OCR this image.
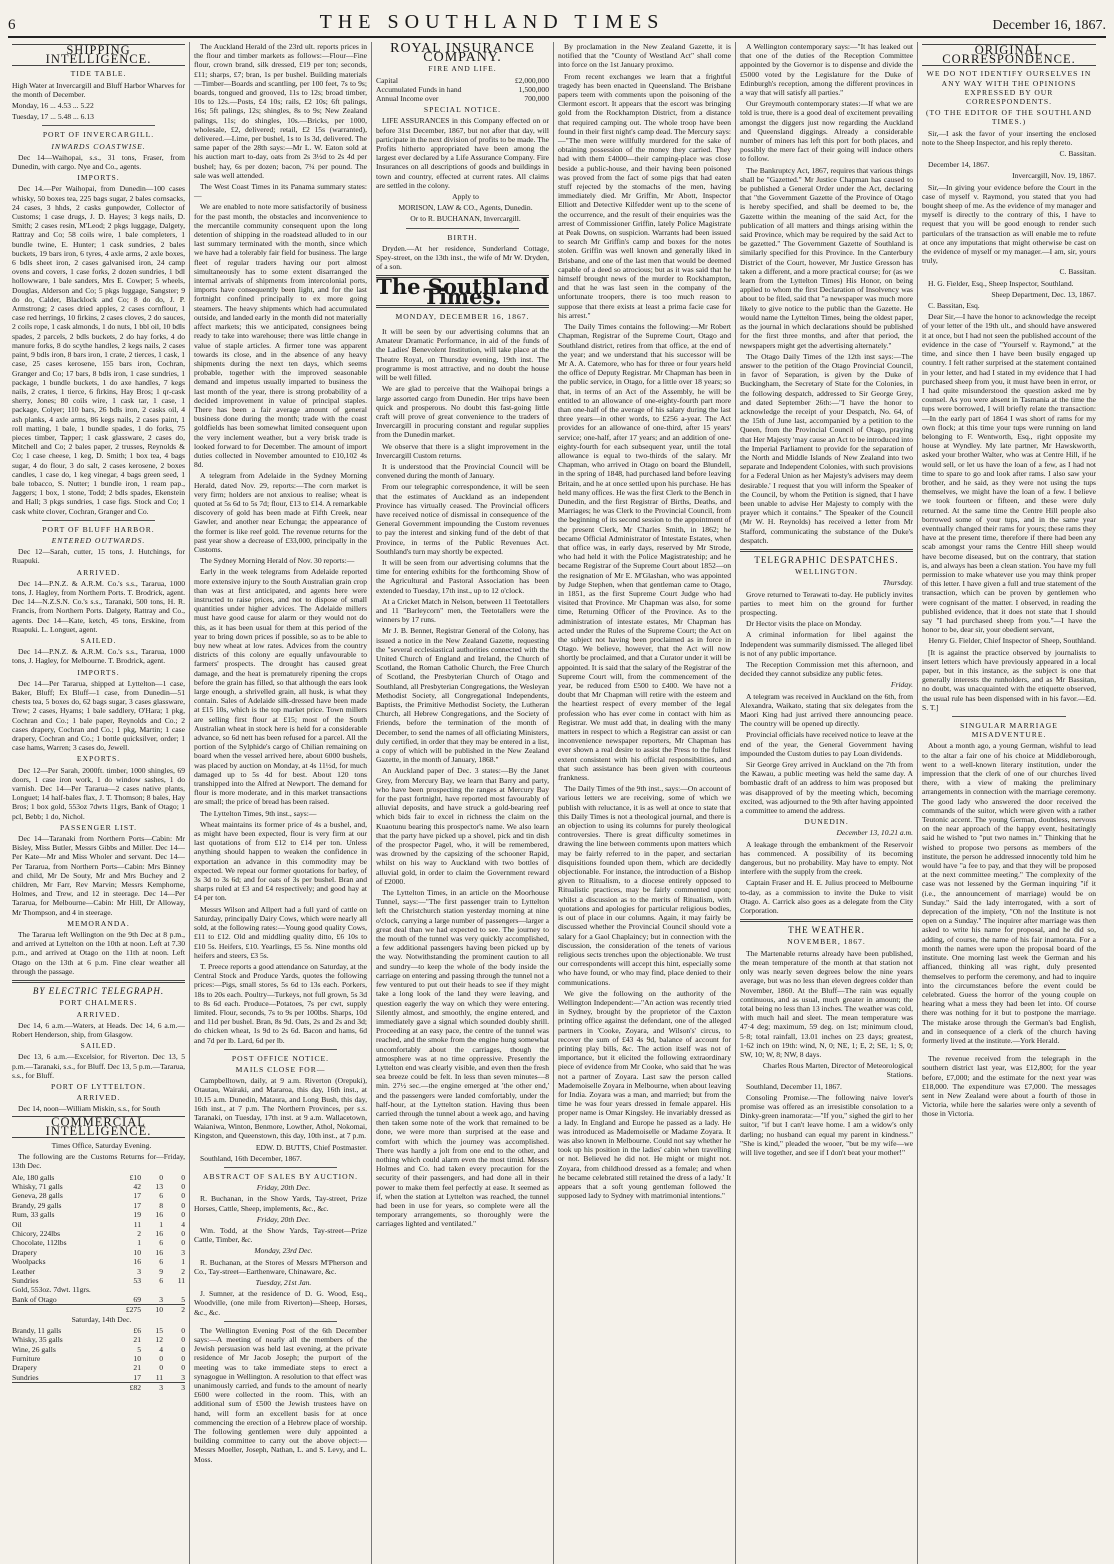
6	THE SOUTHLAND TIMES	December 16, 1867.
SHIPPING INTELLIGENCE.
TIDE TABLE.

High Water at Invercargill and Bluff Harbor Wharves for the month of December.

Monday, 16 ... 4.53 ... 5.22

Tuesday, 17 ... 5.48 ... 6.13

PORT OF INVERCARGILL.
INWARDS COASTWISE.

Dec 14—Waihopai, s.s., 31 tons, Fraser, from Dunedin, with cargo. Nye and Co., agents.

IMPORTS.

Dec 14.—Per Waihopai, from Dunedin—100 cases whisky, 50 boxes tea, 225 bags sugar, 2 bales cornsacks, 24 cases, 3 hhds, 2 casks gunpowder, Collector of Customs; 1 case drugs, J. D. Hayes; 3 kegs nails, D. Smith; 2 cases resin, M'Leod; 2 pkgs luggage, Dalgety, Rattray and Co; 58 coils wire, 1 bale completers, 1 bundle twine, E. Hunter; 1 cask sundries, 2 bales buckets, 19 bars iron, 6 tyres, 4 axle arms, 2 axle boxes, 6 bdls sheet iron, 2 cases galvanised iron, 24 camp ovens and covers, 1 case forks, 2 dozen sundries, 1 bdl hollowware, 1 bale sanders, Mrs E. Cowper; 5 wheels, Douglas, Alderson and Co; 5 pkgs luggage, Sangster; 9 do do, Calder, Blacklock and Co; 8 do do, J. P. Armstrong; 2 cases dried apples, 2 cases cornflour, 1 case red herrings, 10 firkins, 2 cases cloves, 2 do sauces, 2 coils rope, 1 cask almonds, 1 do nuts, 1 bbl oil, 10 bdls spades, 2 parcels, 2 bdls buckets, 2 do hay forks, 4 do manure forks, 8 do scythe handles, 2 kegs nails, 2 cases paint, 9 bdls iron, 8 bars iron, 1 crate, 2 tierces, 1 cask, 1 case, 25 cases kerosene, 155 bars iron, Cochran, Granger and Co; 17 bars, 8 bdls iron, 1 case sundries, 1 package, 1 bundle buckets, 1 do axe handles, 7 kegs nails, 2 crates, 1 tierce, 6 firkins, Hay Bros; 1 qr-cask sherry, Jones; 80 coils wire, 1 cask tar, 1 case, 1 package, Colyer; 110 bars, 26 bdls iron, 2 casks oil, 4 ash planks, 4 axle arms, 86 kegs nails, 2 cases paint, 1 roll matting, 1 bale, 1 bundle spades, 1 do forks, 75 pieces timber, Tapper; 1 cask glassware, 2 cases do, Mitchell and Co; 2 bales paper, 2 trusses, Reynolds & Co; 1 case cheese, 1 keg, D. Smith; 1 box tea, 4 bags sugar, 4 do flour, 3 do salt, 2 cases kerosene, 2 boxes candles, 1 case do, 1 keg vinegar, 4 bags green seed, 1 bale tobacco, S. Nutter; 1 bundle iron, 1 ream pap., Jaggers; 1 box, 1 stone, Todd; 2 bdls spades, Ekenstein and Hall; 3 pkgs sundries, 1 case figs. Stock and Co; 1 cask white clover, Cochran, Granger and Co.

PORT OF BLUFF HARBOR.
ENTERED OUTWARDS.

Dec 12—Sarah, cutter, 15 tons, J. Hutchings, for Ruapuki.

ARRIVED.

Dec 14—P.N.Z. & A.R.M. Co.'s s.s., Tararua, 1000 tons, J. Hagley, from Northern Ports. T. Brodrick, agent. Dec 14—N.Z.S.N. Co.'s s.s., Taranaki, 500 tons, H. R. Francis, from Northern Ports. Dalgety, Rattray and Co., agents. Dec 14—Kate, ketch, 45 tons, Erskine, from Ruapuki. L. Longuet, agent.

SAILED.

Dec 14—P.N.Z. & A.R.M. Co.'s s.s., Tararua, 1000 tons, J. Hagley, for Melbourne. T. Brodrick, agent.

IMPORTS.

Dec 14—Per Tararua, shipped at Lyttelton—1 case, Baker, Bluff; Ex Bluff—1 case, from Dunedin—51 chests tea, 5 boxes do, 62 bags sugar, 3 cases glassware, Trew; 2 cases, Hyams; 1 bale saddlery, O'Hara; 1 pkg, Cochran and Co.; 1 bale paper, Reynolds and Co.; 2 cases drapery, Cochran and Co.; 1 pkg, Martin; 1 case drapery, Cochran and Co.; 1 bottle quicksilver, order; 1 case hams, Warren; 3 cases do, Jewell.

EXPORTS.

Dec 12—Per Sarah, 2000ft. timber, 1000 shingles, 69 doors, 1 case iron work, 1 do window sashes, 1 do varnish. Dec 14—Per Tararua—2 cases native plants, Longuet; 14 half-bales flax, J. T. Thomson; 8 bales, Hay Bros; 1 box gold, 553oz 7dwts 11grs, Bank of Otago; 1 pcl, Bebb; 1 do, Nichol.

PASSENGER LIST.

Dec 14—Taranaki from Northern Ports—Cabin: Mr Bisley, Miss Butler, Messrs Gibbs and Miller. Dec 14—Per Kate—Mr and Miss Wholer and servant. Dec 14—Per Tararua, from Northern Ports—Cabin: Mrs Binney and child, Mr De Souty, Mr and Mrs Buchey and 2 children, Mr Farr, Rev Marvin; Messrs Kemphorne, Holmes, and Trew, and 12 in steerage. Dec 14—Per Tararua, for Melbourne—Cabin: Mr Hill, Dr Alloway, Mr Thompson, and 4 in steerage.

MEMORANDA.

The Tararua left Wellington on the 9th Dec at 8 p.m., and arrived at Lyttelton on the 10th at noon. Left at 7.30 p.m., and arrived at Otago on the 11th at noon. Left Otago on the 13th at 6 p.m. Fine clear weather all through the passage.

BY ELECTRIC TELEGRAPH.
PORT CHALMERS.
ARRIVED.

Dec 14, 6 a.m.—Waters, at Heads. Dec 14, 6 a.m.—Robert Henderson, ship, from Glasgow.

SAILED.

Dec 13, 6 a.m.—Excelsior, for Riverton. Dec 13, 5 p.m.—Taranaki, s.s., for Bluff. Dec 13, 5 p.m.—Tararua, s.s., for Bluff.

PORT OF LYTTELTON.
ARRIVED.

Dec 14, noon—William Miskin, s.s., for South

COMMERCIAL INTELLIGENCE.

Times Office, Saturday Evening.

The following are the Customs Returns for—Friday, 13th Dec.

Ale, 180 galls	£10	0	0
Whisky, 71 galls	42	13	0
Geneva, 28 galls	17	6	0
Brandy, 29 galls	17	8	0
Rum, 33 galls	19	16	0
Oil	11	1	4
Chicory, 224lbs	2	16	0
Chocolate, 112lbs	1	6	0
Drapery	10	16	3
Woolpacks	16	6	1
Leather	3	9	2
Sundries	53	6	11
Gold, 553oz. 7dwt. 11grs.			
Bank of Otago	69	3	5
	£275	10	2

Saturday, 14th Dec.

Brandy, 11 galls	£6	15	0
Whisky, 35 galls	21	12	0
Wine, 26 galls	5	4	0
Furniture	10	0	0
Drapery	21	0	0
Sundries	17	11	3
	£82	3	3

The Auckland Herald of the 23rd ult. reports prices in the flour and timber markets as follows:—Flour—Fine flour, crown brand, silk dressed, £19 per ton; seconds, £11; sharps, £7; bran, 1s per bushel. Building materials—Timber—Boards and scantling, per 100 feet, 7s to 9s; boards, tongued and grooved, 11s to 12s; broad timber, 10s to 12s.—Posts, £4 10s; rails, £2 10s; 6ft palings, 16s; 5ft palings, 12s; shingles, 8s to 9s; New Zealand palings, 11s; do shingles, 10s.—Bricks, per 1000, wholesale, £2, delivered; retail, £2 15s (warranted), delivered.—Lime, per bushel, 1s to 1s 3d, delivered. The same paper of the 28th says:—Mr L. W. Eaton sold at his auction mart to-day, oats from 2s 3½d to 2s 4d per bushel; hay, 6s per dozen; bacon, 7¼ per pound. The sale was well attended.

The West Coast Times in its Panama summary states:—

We are enabled to note more satisfactorily of business for the past month, the obstacles and inconvenience to the mercantile community consequent upon the long detention of shipping in the roadstead alluded to in our last summary terminated with the month, since which we have had a tolerably fair field for business. The large fleet of regular traders having our port almost simultaneously has to some extent disarranged the internal arrivals of shipments from intercolonial ports, imports have consequently been light, and for the last fortnight confined principally to ex more going steamers. The heavy shipments which had accumulated outside, and landed early in the month did not materially affect markets; this we anticipated, consignees being ready to take into warehouse; there was little change in value of staple articles. A firmer tone was apparent towards its close, and in the absence of any heavy shipments during the next ten days, which seems probable, together with the improved seasonable demand and impetus usually imparted to business the last month of the year, there is strong probability of a decided improvement in value of principal staples. There has been a fair average amount of general business done during the month; trade with the coast goldfields has been somewhat limited consequent upon the very inclement weather, but a very brisk trade is looked forward to for December. The amount of import duties collected in November amounted to £10,102 4s 8d.

A telegram from Adelaide in the Sydney Morning Herald, dated Nov. 29, reports:—The corn market is very firm; holders are not anxious to realise; wheat is quoted at 5s 6d to 5s 7d; flour, £13 to £14. A remarkable discovery of gold has been made at Fifth Creek, near Gawler, and another near Echunga; the appearance of the former is like reef gold. The revenue returns for the past year show a decrease of £33,000, principally in the Customs.

The Sydney Morning Herald of Nov. 30 reports:—

Early in the week telegrams from Adelaide reported more extensive injury to the South Australian grain crop than was at first anticipated, and agents here were instructed to raise prices, and not to dispose of small quantities under higher advices. The Adelaide millers must have good cause for alarm or they would not do this, as it has been usual for them at this period of the year to bring down prices if possible, so as to be able to buy new wheat at low rates. Advices from the country districts of this colony are equally unfavourable to farmers' prospects. The drought has caused great damage, and the heat is prematurely ripening the crops before the grain has filled, so that although the ears look large enough, a shrivelled grain, all husk, is what they contain. Sales of Adelaide silk-dressed have been made at £15 10s, which is the top market price. Town millers are selling first flour at £15; most of the South Australian wheat in stock here is held for a considerable advance, so 6d nett has been refused for a parcel. All the portion of the Sylphide's cargo of Chilian remaining on board when the vessel arrived here, about 6000 bushels, was placed by auction on Monday, at 4s 11½d, for much damaged up to 5s 4d for best. About 120 tons transhipped into the Alfred at Newport. The demand for flour is more moderate, and in this market transactions are small; the price of bread has been raised.

The Lyttelton Times, 9th inst., says:—

Wheat maintains its former price of 4s a bushel, and, as might have been expected, flour is very firm at our last quotations of from £12 to £14 per ton. Unless anything should happen to weaken the confidence in exportation an advance in this commodity may be expected. We repeat our former quotations for barley, of 3s 3d to 3s 6d; and for oats of 3s per bushel. Bran and sharps ruled at £3 and £4 respectively; and good hay at £4 per ton.

Messrs Wilson and Allpert had a full yard of cattle on Saturday, principally Dairy Cows, which were nearly all sold, at the following rates:—Young good quality Cows, £11 to £12. Old and middling quality ditto, £6 10s to £10 5s. Heifers, £10. Yearlings, £5 5s. Nine months old heifers and steers, £3 5s.

T. Preece reports a good attendance on Saturday, at the Central Stock and Produce Yards, quotes the following prices:—Pigs, small stores, 5s 6d to 13s each. Porkers, 18s to 20s each. Poultry—Turkeys, not full grown, 5s 3d to 8s 6d each. Produce—Potatoes, 7s per cwt, supply limited. Flour, seconds, 7s to 9s per 100lbs. Sharps, 10d and 11d per bushel. Bran, 8s 9d. Oats, 2s and 2s and 3d; do chicken wheat, 1s 9d to 2s 6d. Bacon and hams, 6d and 7d per lb. Lard, 6d per lb.

POST OFFICE NOTICE.
MAILS CLOSE FOR—

Campbelltown, daily, at 9 a.m. Riverton (Orepuki), Otautau, Wairaki, and Mararoa, this day, 16th inst., at 10.15 a.m. Dunedin, Mataura, and Long Bush, this day, 16th inst., at 7 p.m. The Northern Provinces, per s.s. Taranaki, on Tuesday, 17th inst. at 9 a.m. Wallacetown, Waianiwa, Winton, Benmore, Lowther, Athol, Nokomai, Kingston, and Queenstown, this day, 10th inst., at 7 p.m.

EDW. D. BUTTS, Chief Postmaster.

Southland, 16th December, 1867.

ABSTRACT OF SALES BY AUCTION.

Friday, 20th Dec.

R. Buchanan, in the Show Yards, Tay-street, Prize Horses, Cattle, Sheep, implements, &c., &c.

Friday, 20th Dec.

Wm. Todd, at the Show Yards, Tay-street—Prize Cattle, Timber, &c.

Monday, 23rd Dec.

R. Buchanan, at the Stores of Messrs M'Pherson and Co., Tay-street—Earthenware, Chinaware, &c.

Tuesday, 21st Jan.

J. Sumner, at the residence of D. G. Wood, Esq., Woodville, (one mile from Riverton)—Sheep, Horses, &c., &c.

The Wellington Evening Post of the 6th December says:—A meeting of nearly all the members of the Jewish persuasion was held last evening, at the private residence of Mr Jacob Joseph; the purport of the meeting was to take immediate steps to erect a synagogue in Wellington. A resolution to that effect was unanimously carried, and funds to the amount of nearly £600 were collected in the room. This, with an additional sum of £500 the Jewish trustees have on hand, will form an excellent basis for at once commencing the erection of a Hebrew place of worship. The following gentlemen were duly appointed a building committee to carry out the above object:—Messrs Moeller, Joseph, Nathan, L. and S. Levy, and L. Moss.

ROYAL INSURANCE COMPANY.
FIRE AND LIFE.
Capital	£2,000,000
Accumulated Funds in hand	1,500,000
Annual Income over	700,000
SPECIAL NOTICE.

LIFE ASSURANCES in this Company effected on or before 31st December, 1867, but not after that day, will participate in the next division of profits to be made. The Profits hitherto appropriated have been among the largest ever declared by a Life Assurance Company. Fire Insurances on all descriptions of goods and buildings in town and country, effected at current rates. All claims are settled in the colony.

Apply to

MORISON, LAW & CO., Agents, Dunedin.

Or to R. BUCHANAN, Invercargill.

BIRTH.

Dryden.—At her residence, Sunderland Cottage, Spey-street, on the 13th inst., the wife of Mr W. Dryden, of a son.

The Southland Times.
MONDAY, DECEMBER 16, 1867.

It will be seen by our advertising columns that an Amateur Dramatic Performance, in aid of the funds of the Ladies' Benevolent Institution, will take place at the Theatre Royal, on Thursday evening, 19th inst. The programme is most attractive, and no doubt the house will be well filled.

We are glad to perceive that the Waihopai brings a large assorted cargo from Dunedin. Her trips have been quick and prosperous. No doubt this fast-going little craft will prove of great convenience to the traders of Invercargill in procuring constant and regular supplies from the Dunedin market.

We observe that there is a slight improvement in the Invercargill Custom returns.

It is understood that the Provincial Council will be convened during the month of January.

From our telegraphic correspondence, it will be seen that the estimates of Auckland as an independent Province has virtually ceased. The Provincial officers have received notice of dismissal in consequence of the General Government impounding the Custom revenues to pay the interest and sinking fund of the debt of that Province, in terms of the Public Revenues Act. Southland's turn may shortly be expected.

It will be seen from our advertising columns that the time for entering exhibits for the forthcoming Show of the Agricultural and Pastoral Association has been extended to Tuesday, 17th inst., up to 12 o'clock.

At a Cricket Match in Nelson, between 11 Teetotallers and 11 "Barleycorn" men, the Teetotallers were the winners by 17 runs.

Mr J. B. Bennet, Registrar General of the Colony, has issued a notice in the New Zealand Gazette, requesting the "several ecclesiastical authorities connected with the United Church of England and Ireland, the Church of Scotland, the Roman Catholic Church, the Free Church of Scotland, the Presbyterian Church of Otago and Southland, all Presbyterian Congregations, the Wesleyan Methodist Society, all Congregational Independents, Baptists, the Primitive Methodist Society, the Lutheran Church, all Hebrew Congregations, and the Society of Friends, before the termination of the month of December, to send the names of all officiating Ministers, duly certified, in order that they may be entered in a list, a copy of which will be published in the New Zealand Gazette, in the month of January, 1868."

An Auckland paper of Dec. 3 states:—By the Janet Grey, from Mercury Bay, we learn that Barry and party, who have been prospecting the ranges at Mercury Bay for the past fortnight, have reported most favourably of alluvial deposits, and have struck a gold-bearing reef which bids fair to excel in richness the claim on the Kuaotunu bearing this prospector's name. We also learn that the party have picked up a shovel, pick and tin dish of the prospector Pagel, who, it will be remembered, was drowned by the capsizing of the schooner Rapid, whilst on his way to Auckland with two bottles of alluvial gold, in order to claim the Government reward of £2000.

The Lyttelton Times, in an article on the Moorhouse Tunnel, says:—"The first passenger train to Lyttelton left the Christchurch station yesterday morning at nine o'clock, carrying a large number of passengers—larger a great deal than we had expected to see. The journey to the mouth of the tunnel was very quickly accomplished, a few additional passengers having been picked up by the way. Notwithstanding the prominent caution to all and sundry—to keep the whole of the body inside the carriage on entering and passing through the tunnel not a few ventured to put out their heads to see if they might take a long look of the land they were leaving, and question eagerly the way on which they were entering. Silently almost, and smoothly, the engine entered, and immediately gave a signal which sounded doubly shrill. Proceeding at an easy pace, the centre of the tunnel was reached, and the smoke from the engine hung somewhat uncomfortably about the carriages, though the atmosphere was at no time oppressive. Presently the Lyttelton end was clearly visible, and even then the fresh sea breeze could be felt. In less than seven minutes—8 min. 27½ sec.—the engine emerged at 'the other end,' and the passengers were landed comfortably, under the half-hour, at the Lyttelton station. Having thus been carried through the tunnel about a week ago, and having then taken some note of the work that remained to be done, we were more than surprised at the ease and comfort with which the journey was accomplished. There was hardly a jolt from one end to the other, and nothing which could alarm even the most timid. Messrs Holmes and Co. had taken every precaution for the security of their passengers, and had done all in their power to make them feel perfectly at ease. It seemed as if, when the station at Lyttelton was reached, the tunnel had been in use for years, so complete were all the temporary arrangements, so thoroughly were the carriages lighted and ventilated."

By proclamation in the New Zealand Gazette, it is notified that the "County of Westland Act" shall come into force on the 1st January proximo.

From recent exchanges we learn that a frightful tragedy has been enacted in Queensland. The Brisbane papers teem with comments upon the poisoning of the Clermont escort. It appears that the escort was bringing gold from the Rockhampton District, from a distance that required camping out. The whole troop have been found in their first night's camp dead. The Mercury says:—"The men were willfully murdered for the sake of obtaining possession of the money they carried. They had with them £4000—their camping-place was close beside a public-house, and their having been poisoned was proved from the fact of some pigs that had eaten stuff rejected by the stomachs of the men, having immediately died. Mr Griffin, Mr Abott, Inspector Elliott and Detective Kilfedder went up to the scene of the occurrence, and the result of their enquiries was the arrest of Commissioner Griffin, lately Police Magistrate at Peak Downs, on suspicion. Warrants had been issued to search Mr Griffin's camp and boxes for the notes stolen. Griffin was well known and generally liked in Brisbane, and one of the last men that would be deemed capable of a deed so atrocious; but as it was said that he himself brought news of the murder to Rockhampton, and that he was last seen in the company of the unfortunate troopers, there is too much reason to suppose that there exists at least a prima facie case for his arrest."

The Daily Times contains the following:—Mr Robert Chapman, Registrar of the Supreme Court, Otago and Southland district, retires from that office, at the end of the year; and we understand that his successor will be Mr A. A. Catemore, who has for three or four years held the office of Deputy Registrar. Mr Chapman has been in the public service, in Otago, for a little over 18 years; so that, in terms of an Act of the Assembly, he will be entitled to an allowance of one-eighty-fourth part more than one-half of the average of his salary during the last three years—in other words, to £256 a-year. The Act provides for an allowance of one-third, after 15 years' service; one-half, after 17 years; and an addition of one-eighty-fourth for each subsequent year, until the total allowance is equal to two-thirds of the salary. Mr Chapman, who arrived in Otago on board the Blundell, in the spring of 1848, had purchased land before leaving Britain, and he at once settled upon his purchase. He has held many offices. He was the first Clerk to the Bench in Dunedin, and the first Registrar of Births, Deaths, and Marriages; he was Clerk to the Provincial Council, from the beginning of its second session to the appointment of the present Clerk, Mr Charles Smith, in 1862; he became Official Administrator of Intestate Estates, when that office was, in early days, reserved by Mr Strode, who had held it with the Police Magistrateship; and he became Registrar of the Supreme Court about 1852—on the resignation of Mr E. M'Glashan, who was appointed by Judge Stephen, when that gentleman came to Otago, in 1851, as the first Supreme Court Judge who had visited that Province. Mr Chapman was also, for some time, Returning Officer of the Province. As to the administration of intestate estates, Mr Chapman has acted under the Rules of the Supreme Court; the Act on the subject not having been proclaimed as in force in Otago. We believe, however, that the Act will now shortly be proclaimed, and that a Curator under it will be appointed. It is said that the salary of the Registrar of the Supreme Court will, from the commencement of the year, be reduced from £500 to £400. We have not a doubt that Mr Chapman will retire with the esteem and the heartiest respect of every member of the legal profession who has ever come in contact with him as Registrar. We must add that, in dealing with the many matters in respect to which a Registrar can assist or can inconvenience newspaper reporters, Mr Chapman has ever shown a real desire to assist the Press to the fullest extent consistent with his official responsibilities, and that such assistance has been given with courteous frankness.

The Daily Times of the 9th inst., says:—On account of various letters we are receiving, some of which we publish with reluctance, it is as well at once to state that this Daily Times is not a theological journal, and there is an objection to using its columns for purely theological controversies. There is great difficulty sometimes in drawing the line between comments upon matters which may be fairly referred to in the paper, and sectarian disquisitions founded upon them, which are decidedly objectionable. For instance, the introduction of a Bishop given to Ritualism, to a diocese entirely opposed to Ritualistic practices, may be fairly commented upon; whilst a discussion as to the merits of Ritualism, with quotations and apologies for particular religious bodies, is out of place in our columns. Again, it may fairly be discussed whether the Provincial Council should vote a salary for a Gaol Chaplaincy; but in connection with the discussion, the consideration of the tenets of various religious sects trenches upon the objectionable. We trust our correspondents will accept this hint, especially some who have found, or who may find, place denied to their communications.

We give the following on the authority of the Wellington Independent:—"An action was recently tried in Sydney, brought by the proprietor of the Caxton printing office against the defendant, one of the alleged partners in 'Cooke, Zoyara, and Wilson's' circus, to recover the sum of £43 4s 9d, balance of account for printing play bills, &c. The action itself was not of importance, but it elicited the following extraordinary piece of evidence from Mr Cooke, who said that 'he was not a partner of Zoyara. Last saw the person called Mademoiselle Zoyara in Melbourne, when about leaving for India. Zoyara was a man, and married; but from the time he was four years dressed in female apparel. His proper name is Omar Kingsley. He invariably dressed as a lady. In England and Europe he passed as a lady. He was introduced as Mademoiselle or Madame Zoyara. It was also known in Melbourne. Could not say whether he took up his position in the ladies' cabin when travelling or not. Believed he did not. He might or might not. Zoyara, from childhood dressed as a female; and when he became celebrated still retained the dress of a lady.' It appears that a soft young gentleman followed the supposed lady to Sydney with matrimonial intentions."

A Wellington contemporary says:—"It has leaked out that one of the duties of the Reception Committee appointed by the Governor is to dispense and divide the £5000 voted by the Legislature for the Duke of Edinburgh's reception, among the different provinces in a way that will satisfy all parties."

Our Greymouth contemporary states:—If what we are told is true, there is a good deal of excitement prevailing amongst the diggers just now regarding the Auckland and Queensland diggings. Already a considerable number of miners has left this port for both places, and possibly the mere fact of their going will induce others to follow.

The Bankruptcy Act, 1867, requires that various things shall be "Gazetted." Mr Justice Chapman has caused to be published a General Order under the Act, declaring that "the Government Gazette of the Province of Otago is hereby specified, and shall be deemed to be, the Gazette within the meaning of the said Act, for the publication of all matters and things arising within the said Province, which may be required by the said Act to be gazetted." The Government Gazette of Southland is similarly specified for this Province. In the Canterbury District of the Court, however, Mr Justice Gresson has taken a different, and a more practical course; for (as we learn from the Lyttelton Times) His Honor, on being applied to whom the first Declaration of Insolvency was about to be filed, said that "a newspaper was much more likely to give notice to the public than the Gazette. He would name the Lyttelton Times, being the oldest paper, as the journal in which declarations should be published for the first three months, and after that period, the newspapers might get the advertising alternately."

The Otago Daily Times of the 12th inst says:—The answer to the petition of the Otago Provincial Council, in favor of Separation, is given by the Duke of Buckingham, the Secretary of State for the Colonies, in the following despatch, addressed to Sir George Grey, and dated September 26th:—"I have the honor to acknowledge the receipt of your Despatch, No. 64, of the 15th of June last, accompanied by a petition to the Queen, from the Provincial Council of Otago, praying that Her Majesty 'may cause an Act to be introduced into the Imperial Parliament to provide for the separation of the North and Middle Islands of New Zealand into two separate and Independent Colonies, with such provisions for a Federal Union as her Majesty's advisers may deem desirable.' I request that you will inform the Speaker of the Council, by whom the Petition is signed, that I have been unable to advise Her Majesty to comply with the prayer which it contains." The Speaker of the Council (Mr W. H. Reynolds) has received a letter from Mr Stafford, communicating the substance of the Duke's despatch.

TELEGRAPHIC DESPATCHES.
WELLINGTON.

Thursday.

Grove returned to Terawati to-day. He publicly invites parties to meet him on the ground for further prospecting.

Dr Hector visits the place on Monday.

A criminal information for libel against the Independent was summarily dismissed. The alleged libel is not of any public importance.

The Reception Commission met this afternoon, and decided they cannot subsidize any public fetes.

Friday.

A telegram was received in Auckland on the 6th, from Alexandra, Waikato, stating that six delegates from the Maori King had just arrived there announcing peace. The country will be opened up directly.

Provincial officials have received notice to leave at the end of the year, the General Government having impounded the Custom duties to pay Loan dividends.

Sir George Grey arrived in Auckland on the 7th from the Kawau, a public meeting was held the same day. A bombastic draft of an address to him was proposed but was disapproved of by the meeting which, becoming excited, was adjourned to the 9th after having appointed a committee to amend the address.

DUNEDIN.

December 13, 10.21 a.m.

A leakage through the embankment of the Reservoir has commenced. A possibility of its becoming dangerous, but no probability. May have to empty. Not interfere with the supply from the creek.

Captain Fraser and H. E. Julius proceed to Melbourne to-day, as a commission to invite the Duke to visit Otago. A. Carrick also goes as a delegate from the City Corporation.

THE WEATHER.
NOVEMBER, 1867.

The Martenable returns already have been published, the mean temperature of the month at that station not only was nearly seven degrees below the nine years average, but was no less than eleven degrees colder than November, 1860. At the Bluff—The rain was equally continuous, and as usual, much greater in amount; the total being no less than 13 inches. The weather was cold, with much hail and sleet. The mean temperature was 47·4 deg; maximum, 59 deg. on 1st; minimum cloud, 5·8; total rainfall, 13.01 inches on 23 days; greatest, 1·62 inch on 19th: wind, N, 0; NE, 1; E, 2; SE, 1; S, 0; SW, 10; W, 8; NW, 8 days.

Charles Rous Marten, Director of Meteorological Stations.

Southland, December 11, 1867.

Consoling Promise.—The following naive lover's promise was offered as an irresistible consolation to a Dinky-green inamorata:—"If you," sighed the girl to her suitor, "if but I can't leave home. I am a widow's only darling; no husband can equal my parent in kindness." "She is kind," pleaded the wooer, "but be my wife—we will live together, and see if I don't beat your mother!"

ORIGINAL CORRESPONDENCE.
WE DO NOT IDENTIFY OURSELVES IN ANY WAY WITH THE OPINIONS EXPRESSED BY OUR CORRESPONDENTS.
(TO THE EDITOR OF THE SOUTHLAND TIMES.)

Sir,—I ask the favor of your inserting the enclosed note to the Sheep Inspector, and his reply thereto.

C. Bassitan.

December 14, 1867.

Invercargill, Nov. 19, 1867.

Sir,—In giving your evidence before the Court in the case of myself v. Raymond, you stated that you had bought sheep of me. As the evidence of my manager and myself is directly to the contrary of this, I have to request that you will be good enough to render such particulars of the transaction as will enable me to refute at once any imputations that might otherwise be cast on the evidence of myself or my manager.—I am, sir, yours truly,

C. Bassitan.

H. G. Fielder, Esq., Sheep Inspector, Southland.

Sheep Department, Dec. 13, 1867.

C. Bassitan, Esq.

Dear Sir,—I have the honor to acknowledge the receipt of your letter of the 19th ult., and should have answered it at once, but I had not seen the published account of the evidence in the case of "Yourself v. Raymond," at the time, and since then I have been busily engaged up country. I felt rather surprised at the statement contained in your letter, and had I stated in my evidence that I had purchased sheep from you, it must have been in error, or I had quite misunderstood the question asked me by counsel. As you were absent in Tasmania at the time the tups were borrowed, I will briefly relate the transaction:—In the early part of 1864 I was short of rams for my own flock; at this time your tups were running on land belonging to F. Wentworth, Esq., right opposite my house at Wyndley. My late partner, Mr Hawskworth, asked your brother Walter, who was at Centre Hill, if he would sell, or let us have the loan of a few, as I had not time to spare to go and look after rams. I also saw your brother, and he said, as they were not using the tups themselves, we might have the loan of a few. I believe we took fourteen or fifteen, and these were duly returned. At the same time the Centre Hill people also borrowed some of your tups, and in the same year eventually changed their rams for yours; these rams they have at the present time, therefore if there had been any scab amongst your rams the Centre Hill sheep would have become diseased, but on the contrary, that station is, and always has been a clean station. You have my full permission to make whatever use you may think proper of this letter. I have given a full and true statement of the transaction, which can be proven by gentlemen who were cognisant of the matter. I observed, in reading the published evidence, that it does not state that I should say "I had purchased sheep from you."—I have the honor to be, dear sir, your obedient servant,

Henry G. Fielder, Chief Inspector of Sheep, Southland.

[It is against the practice observed by journalists to insert letters which have previously appeared in a local paper, but in this instance, as the subject is one that generally interests the runholders, and as Mr Bassitan, no doubt, was unacquainted with the etiquette observed, the usual rule has been dispensed with in his favor.—Ed. S. T.]

SINGULAR MARRIAGE MISADVENTURE.

About a month ago, a young German, wishful to lead to the altar a fair one of his choice at Middleborough, went to a well-known literary institution, under the impression that the clerk of one of our churches lived there, with a view of making the preliminary arrangements in connection with the marriage ceremony. The good lady who answered the door received the commands of the suitor, which were given with a rather Teutonic accent. The young German, doubtless, nervous on the near approach of the happy event, hesitatingly said he wished to "put two names in." Thinking that he wished to propose two persons as members of the institute, the person he addressed innocently told him he would have "a fee to pay, and that they will be proposed at the next committee meeting." The complexity of the case was not lessened by the German inquiring "if it (i.e., the announcement of marriage) would be on Sunday." Said the lady interrogated, with a sort of deprecation of the impiety, "Oh no! the Institute is not open on a Sunday." The inquirer after marriage was then asked to write his name for proposal, and he did so, adding, of course, the name of his fair inamorata. For a month the names were upon the proposal board of the institute. One morning last week the German and his affianced, thinking all was right, duly presented themselves to perform the ceremony, and had to inquire into the circumstances before the event could be celebrated. Guess the horror of the young couple on hearing what a mess they had been let into. Of course there was nothing for it but to postpone the marriage. The mistake arose through the German's bad English, and in consequence of a clerk of the church having formerly lived at the institute.—York Herald.

The revenue received from the telegraph in the southern district last year, was £12,800; for the year before, £7,000; and the estimate for the next year was £18,000. The expenditure was £7,000. The messages sent in New Zealand were about a fourth of those in Victoria, while here the salaries were only a seventh of those in Victoria.
